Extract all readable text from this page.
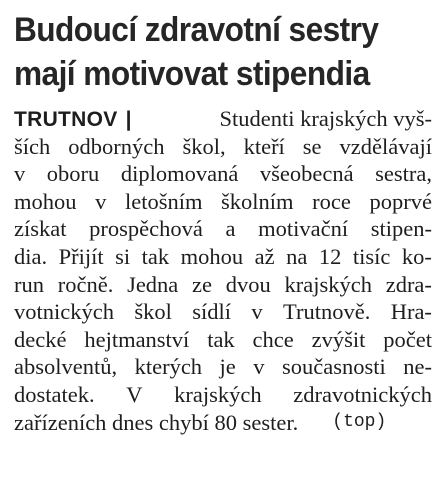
Budoucí zdravotní sestry
mají motivovat stipendia
TRUTNOV |	Studenti krajských vyš-
ších odborných škol, kteří se vzdělávají
v oboru diplomovaná všeobecná sestra,
mohou v letošním školním roce poprvé
získat prospěchová a motivační stipen-
dia. Přijít si tak mohou až na 12 tisíc ko-
run ročně. Jedna ze dvou krajských zdra-
votnických škol sídlí v Trutnově. Hra-
decké hejtmanství tak chce zvýšit počet
absolventů, kterých je v současnosti ne-
dostatek. V krajských zdravotnických
zařízeních dnes chybí 80 sester. (top)
